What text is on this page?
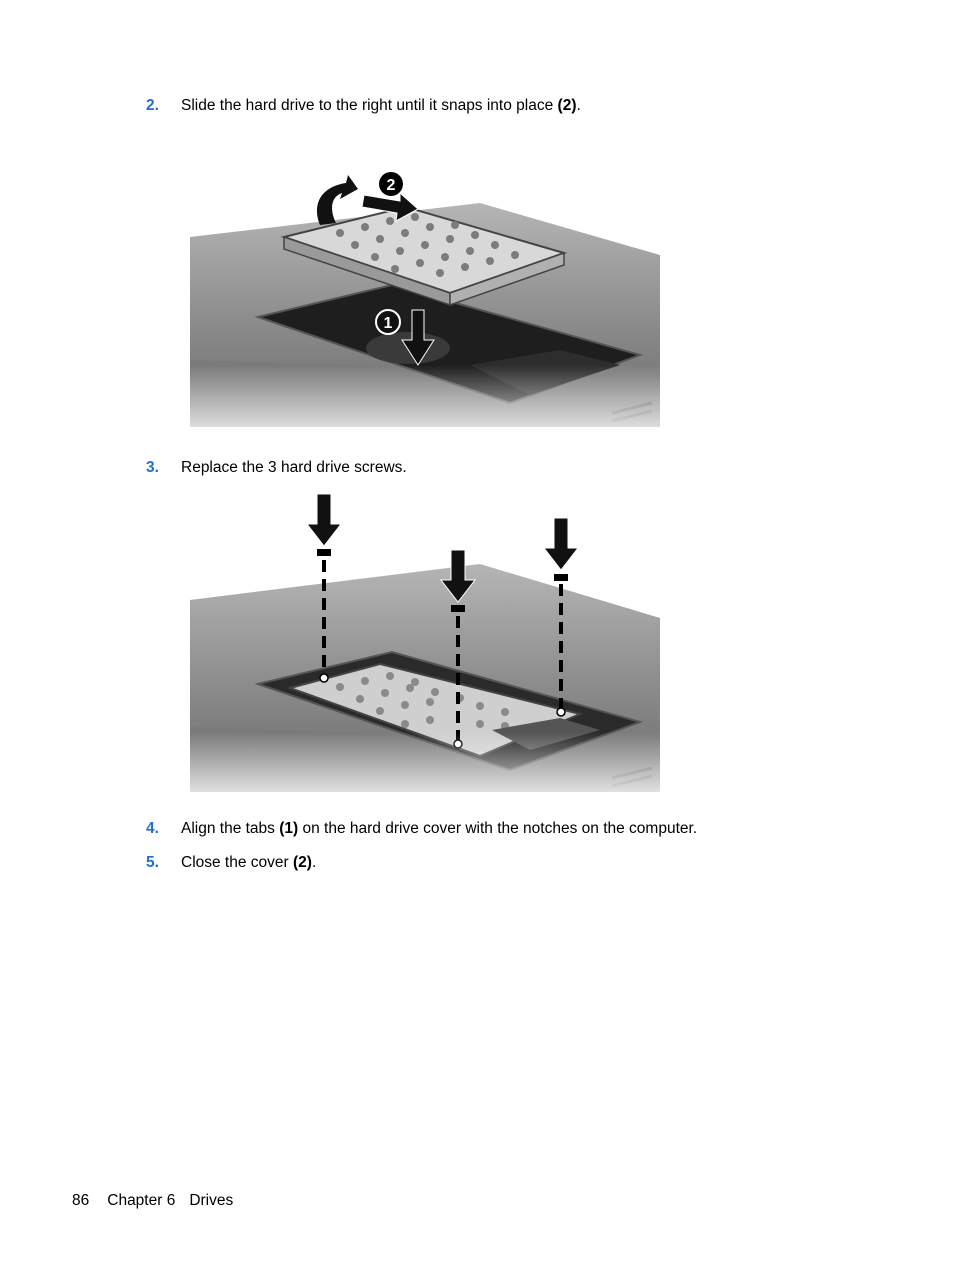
2. Slide the hard drive to the right until it snaps into place (2).
2
1
3. Replace the 3 hard drive screws.
4. Align the tabs (1) on the hard drive cover with the notches on the computer.
5. Close the cover (2).
86 Chapter 6 Drives
